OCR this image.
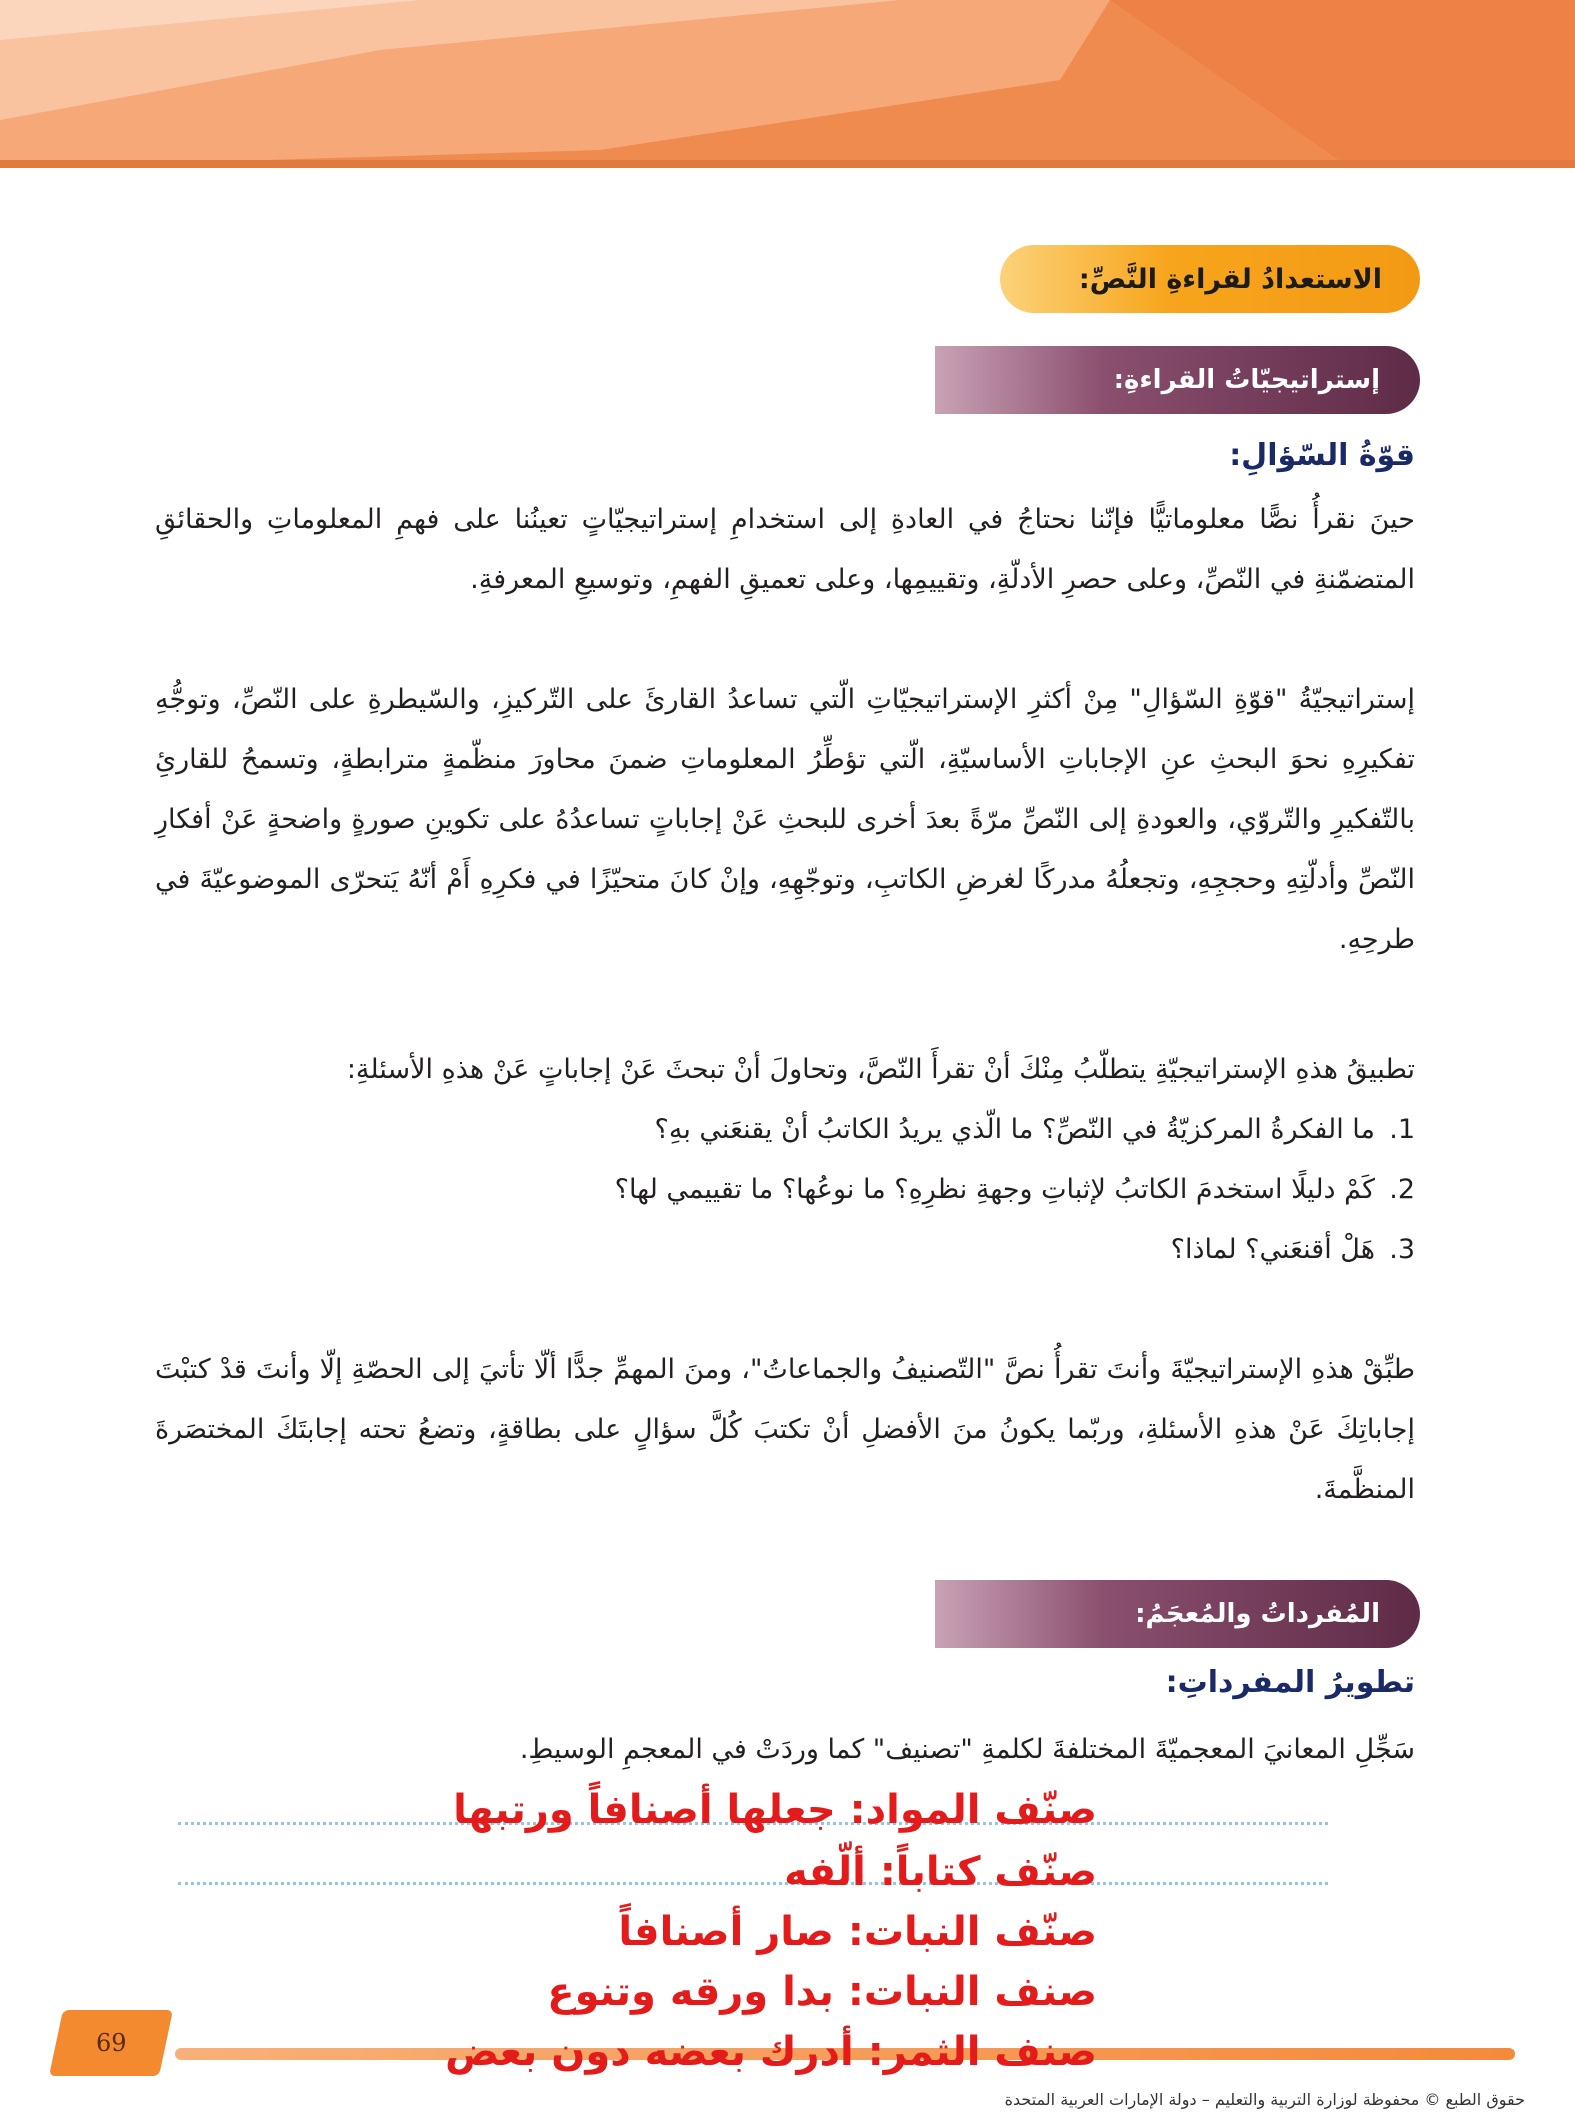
الاستعدادُ لقراءةِ النَّصِّ:
إستراتيجيّاتُ القراءةِ:
قوّةُ السّؤالِ:

حينَ نقرأُ نصًّا معلوماتيًّا فإنّنا نحتاجُ في العادةِ إلى استخدامِ إستراتيجيّاتٍ تعينُنا على فهمِ المعلوماتِ والحقائقِ المتضمّنةِ في النّصِّ، وعلى حصرِ الأدلّةِ، وتقييمِها، وعلى تعميقِ الفهمِ، وتوسيعِ المعرفةِ.

إستراتيجيّةُ "قوّةِ السّؤالِ" مِنْ أكثرِ الإستراتيجيّاتِ الّتي تساعدُ القارئَ على التّركيزِ، والسّيطرةِ على النّصِّ، وتوجُّهِ تفكيرِهِ نحوَ البحثِ عنِ الإجاباتِ الأساسيّةِ، الّتي تؤطِّرُ المعلوماتِ ضمنَ محاورَ منظّمةٍ مترابطةٍ، وتسمحُ للقارئِ بالتّفكيرِ والتّروّي، والعودةِ إلى النّصِّ مرّةً بعدَ أخرى للبحثِ عَنْ إجاباتٍ تساعدُهُ على تكوينِ صورةٍ واضحةٍ عَنْ أفكارِ النّصِّ وأدلّتِهِ وحججِهِ، وتجعلُهُ مدركًا لغرضِ الكاتبِ، وتوجّهِهِ، وإنْ كانَ متحيّزًا في فكرِهِ أَمْ أنّهُ يَتحرّى الموضوعيّةَ في طرحِهِ.

تطبيقُ هذهِ الإستراتيجيّةِ يتطلّبُ مِنْكَ أنْ تقرأَ النّصَّ، وتحاولَ أنْ تبحثَ عَنْ إجاباتٍ عَنْ هذهِ الأسئلةِ:

1.
ما الفكرةُ المركزيّةُ في النّصِّ؟ ما الّذي يريدُ الكاتبُ أنْ يقنعَني بهِ؟
2.
كَمْ دليلًا استخدمَ الكاتبُ لإثباتِ وجهةِ نظرِهِ؟ ما نوعُها؟ ما تقييمي لها؟
3.
هَلْ أقنعَني؟ لماذا؟

طبِّقْ هذهِ الإستراتيجيّةَ وأنتَ تقرأُ نصَّ "التّصنيفُ والجماعاتُ"، ومنَ المهمِّ جدًّا ألّا تأتيَ إلى الحصّةِ إلّا وأنتَ قدْ كتبْتَ إجاباتِكَ عَنْ هذهِ الأسئلةِ، وربّما يكونُ منَ الأفضلِ أنْ تكتبَ كُلَّ سؤالٍ على بطاقةٍ، وتضعُ تحته إجابتَكَ المختصَرةَ المنظَّمةَ.

المُفرداتُ والمُعجَمُ:
تطويرُ المفرداتِ:

سَجِّلِ المعانيَ المعجميّةَ المختلفةَ لكلمةِ "تصنيف" كما وردَتْ في المعجمِ الوسيطِ.

صنّف المواد: جعلها أصنافاً ورتبها
صنّف كتاباً: ألّفه
صنّف النبات: صار أصنافاً
صنف النبات: بدا ورقه وتنوع
صنف الثمر: أدرك بعضه دون بعض
69
حقوق الطبع © محفوظة لوزارة التربية والتعليم – دولة الإمارات العربية المتحدة
